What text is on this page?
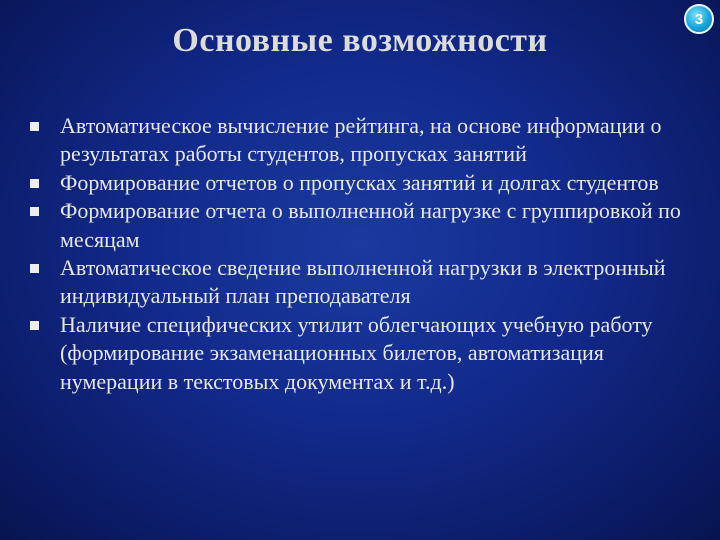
Основные возможности
3
Автоматическое вычисление рейтинга, на основе информации о результатах работы студентов, пропусках занятий
Формирование отчетов о пропусках занятий и долгах студентов
Формирование отчета о выполненной нагрузке с группировкой по месяцам
Автоматическое сведение выполненной нагрузки в электронный индивидуальный план преподавателя
Наличие специфических утилит облегчающих учебную работу (формирование экзаменационных билетов, автоматизация нумерации в текстовых документах и т.д.)
